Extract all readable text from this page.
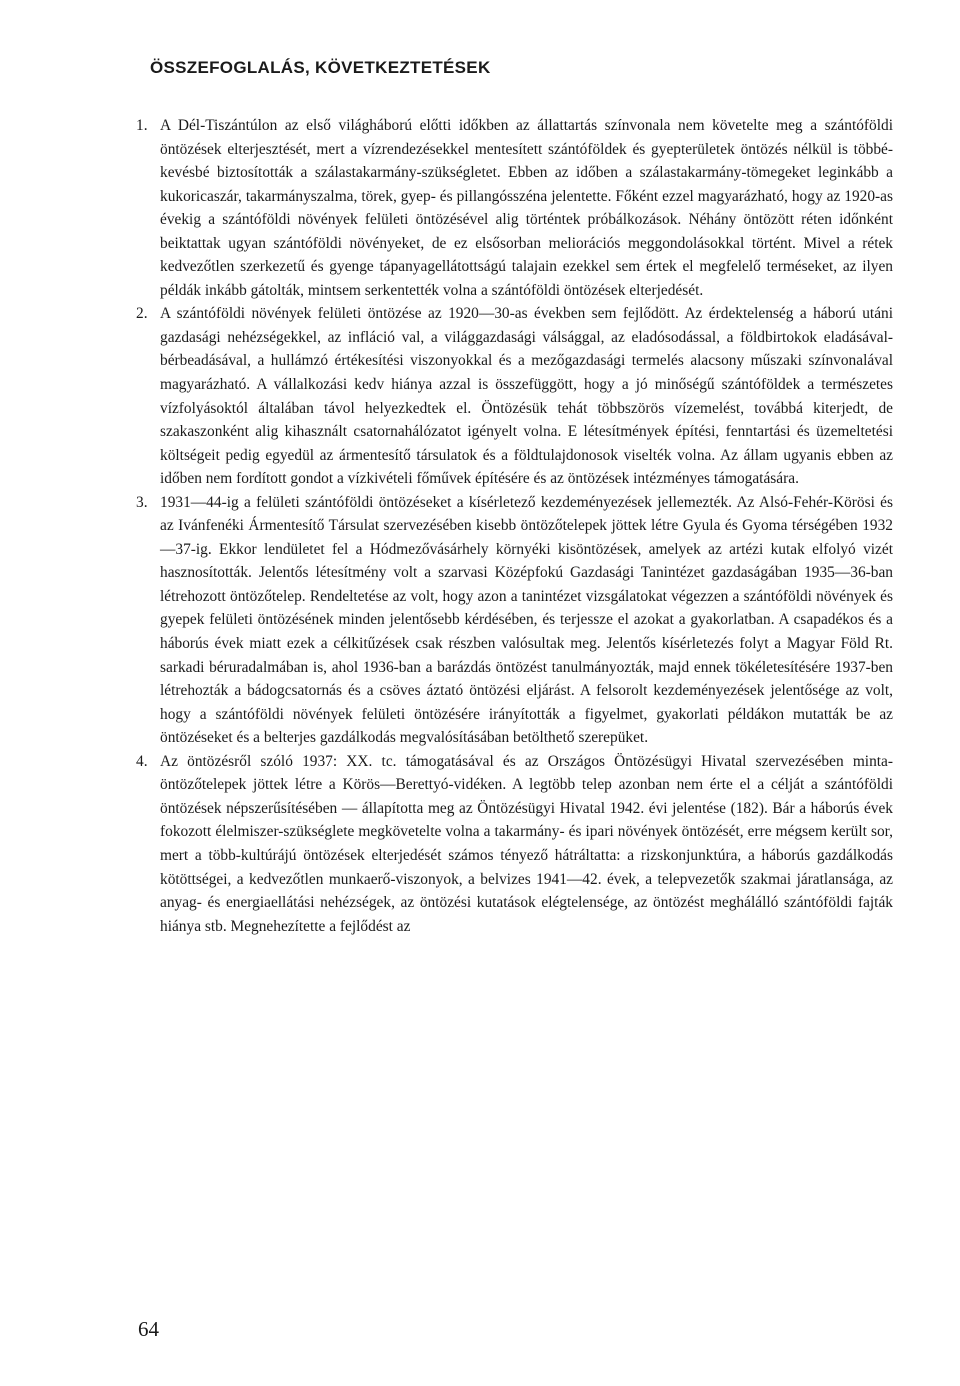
ÖSSZEFOGLALÁS, KÖVETKEZTETÉSEK
1. A Dél-Tiszántúlon az első világháború előtti időkben az állattartás színvonala nem követelte meg a szántóföldi öntözések elterjesztését, mert a vízrendezésekkel mentesített szántóföldek és gyepterületek öntözés nélkül is többé-kevésbé biztosították a szálastakarmány-szükségletet. Ebben az időben a szálastakarmány-tömegeket leginkább a kukoricaszár, takarmányszalma, törek, gyep- és pillangósszéna jelentette. Főként ezzel magyarázható, hogy az 1920-as évekig a szántóföldi növények felületi öntözésével alig történtek próbálkozások. Néhány öntözött réten időnként beiktattak ugyan szántóföldi növényeket, de ez elsősorban meliorációs meggondolásokkal történt. Mivel a rétek kedvezőtlen szerkezetű és gyenge tápanyagellátottságú talajain ezekkel sem értek el megfelelő terméseket, az ilyen példák inkább gátolták, mintsem serkentették volna a szántóföldi öntözések elterjedését.
2. A szántóföldi növények felületi öntözése az 1920—30-as években sem fejlődött. Az érdektelenség a háború utáni gazdasági nehézségekkel, az infláció val, a világgazdasági válsággal, az eladósodással, a földbirtokok eladásával-bérbeadásával, a hullámzó értékesítési viszonyokkal és a mezőgazdasági termelés alacsony műszaki színvonalával magyarázható. A vállalkozási kedv hiánya azzal is összefüggött, hogy a jó minőségű szántóföldek a természetes vízfolyásoktól általában távol helyezkedtek el. Öntözésük tehát többszörös vízemelést, továbbá kiterjedt, de szakaszonként alig kihasznált csatornahálózatot igényelt volna. E létesítmények építési, fenntartási és üzemeltetési költségeit pedig egyedül az ármentesítő társulatok és a földtulajdonosok viselték volna. Az állam ugyanis ebben az időben nem fordított gondot a vízkivételi főművek építésére és az öntözések intézményes támogatására.
3. 1931—44-ig a felületi szántóföldi öntözéseket a kísérletező kezdeményezések jellemezték. Az Alsó-Fehér-Körösi és az Ivánfenéki Ármentesítő Társulat szervezésében kisebb öntözőtelepek jöttek létre Gyula és Gyoma térségében 1932—37-ig. Ekkor lendületet fel a Hódmezővásárhely környéki kisöntözések, amelyek az artézi kutak elfolyó vizét hasznosították. Jelentős létesítmény volt a szarvasi Középfokú Gazdasági Tanintézet gazdaságában 1935—36-ban létrehozott öntözőtelep. Rendeltetése az volt, hogy azon a tanintézet vizsgálatokat végezzen a szántóföldi növények és gyepek felületi öntözésének minden jelentősebb kérdésében, és terjessze el azokat a gyakorlatban. A csapadékos és a háborús évek miatt ezek a célkitűzések csak részben valósultak meg. Jelentős kísérletezés folyt a Magyar Föld Rt. sarkadi béruradalmában is, ahol 1936-ban a barázdás öntözést tanulmányozták, majd ennek tökéletesítésére 1937-ben létrehozták a bádogcsatornás és a csöves áztató öntözési eljárást. A felsorolt kezdeményezések jelentősége az volt, hogy a szántóföldi növények felületi öntözésére irányították a figyelmet, gyakorlati példákon mutatták be az öntözéseket és a belterjes gazdálkodás megvalósításában betölthető szerepüket.
4. Az öntözésről szóló 1937: XX. tc. támogatásával és az Országos Öntözésügyi Hivatal szervezésében minta-öntözőtelepek jöttek létre a Körös—Berettyó-vidéken. A legtöbb telep azonban nem érte el a célját a szántóföldi öntözések népszerűsítésében — állapította meg az Öntözésügyi Hivatal 1942. évi jelentése (182). Bár a háborús évek fokozott élelmiszer-szükséglete megkövetelte volna a takarmány- és ipari növények öntözését, erre mégsem került sor, mert a több-kultúrájú öntözések elterjedését számos tényező hátráltatta: a rizskonjunktúra, a háborús gazdálkodás kötöttségei, a kedvezőtlen munkaerő-viszonyok, a belvizes 1941—42. évek, a telepvezetők szakmai járatlansága, az anyag- és energiaellátási nehézségek, az öntözési kutatások elégtelensége, az öntözést meghálálló szántóföldi fajták hiánya stb. Megnehezítette a fejlődést az
64
